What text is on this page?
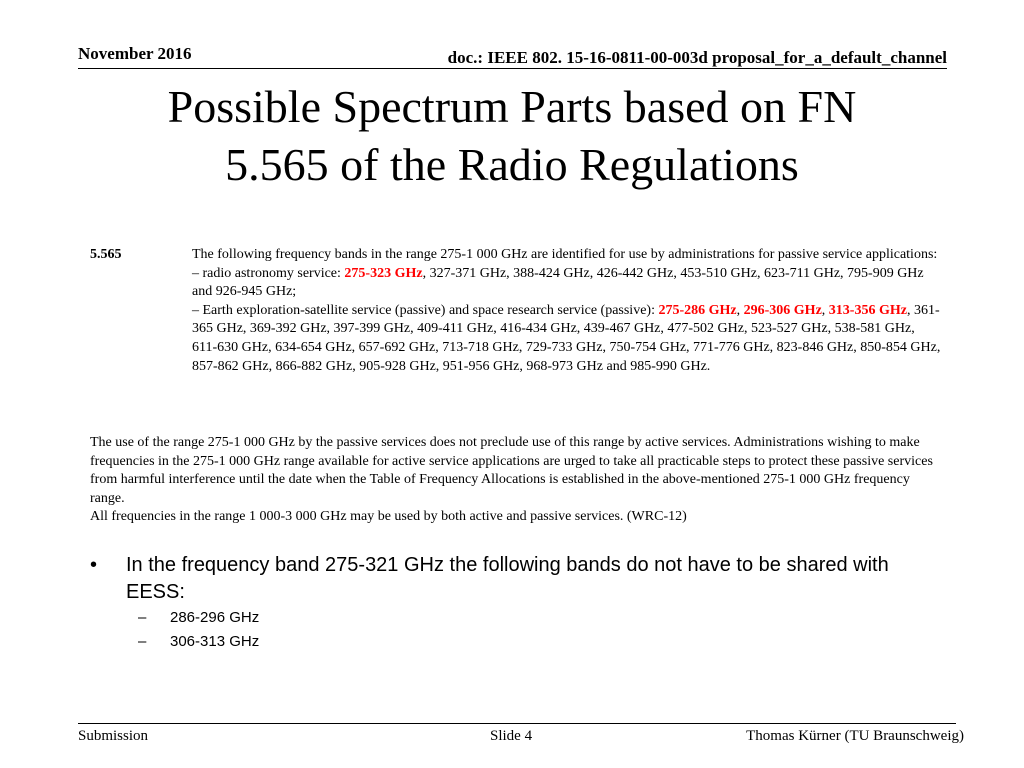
November 2016	doc.: IEEE 802. 15-16-0811-00-003d proposal_for_a_default_channel
Possible Spectrum Parts based on FN
5.565 of the Radio Regulations
5.565	The following frequency bands in the range 275-1 000 GHz are identified for use by administrations for passive service applications:
– radio astronomy service: 275-323 GHz, 327-371 GHz, 388-424 GHz, 426-442 GHz, 453-510 GHz, 623-711 GHz, 795-909 GHz and 926-945 GHz;
– Earth exploration-satellite service (passive) and space research service (passive): 275-286 GHz, 296-306 GHz, 313-356 GHz, 361-365 GHz, 369-392 GHz, 397-399 GHz, 409-411 GHz, 416-434 GHz, 439-467 GHz, 477-502 GHz, 523-527 GHz, 538-581 GHz, 611-630 GHz, 634-654 GHz, 657-692 GHz, 713-718 GHz, 729-733 GHz, 750-754 GHz, 771-776 GHz, 823-846 GHz, 850-854 GHz, 857-862 GHz, 866-882 GHz, 905-928 GHz, 951-956 GHz, 968-973 GHz and 985-990 GHz.
The use of the range 275-1 000 GHz by the passive services does not preclude use of this range by active services. Administrations wishing to make frequencies in the 275-1 000 GHz range available for active service applications are urged to take all practicable steps to protect these passive services from harmful interference until the date when the Table of Frequency Allocations is established in the above-mentioned 275-1 000 GHz frequency range.
All frequencies in the range 1 000-3 000 GHz may be used by both active and passive services. (WRC-12)
• In the frequency band 275-321 GHz the following bands do not have to be shared with EESS:
– 286-296 GHz
– 306-313 GHz
Submission	Slide 4	Thomas Kürner (TU Braunschweig)
